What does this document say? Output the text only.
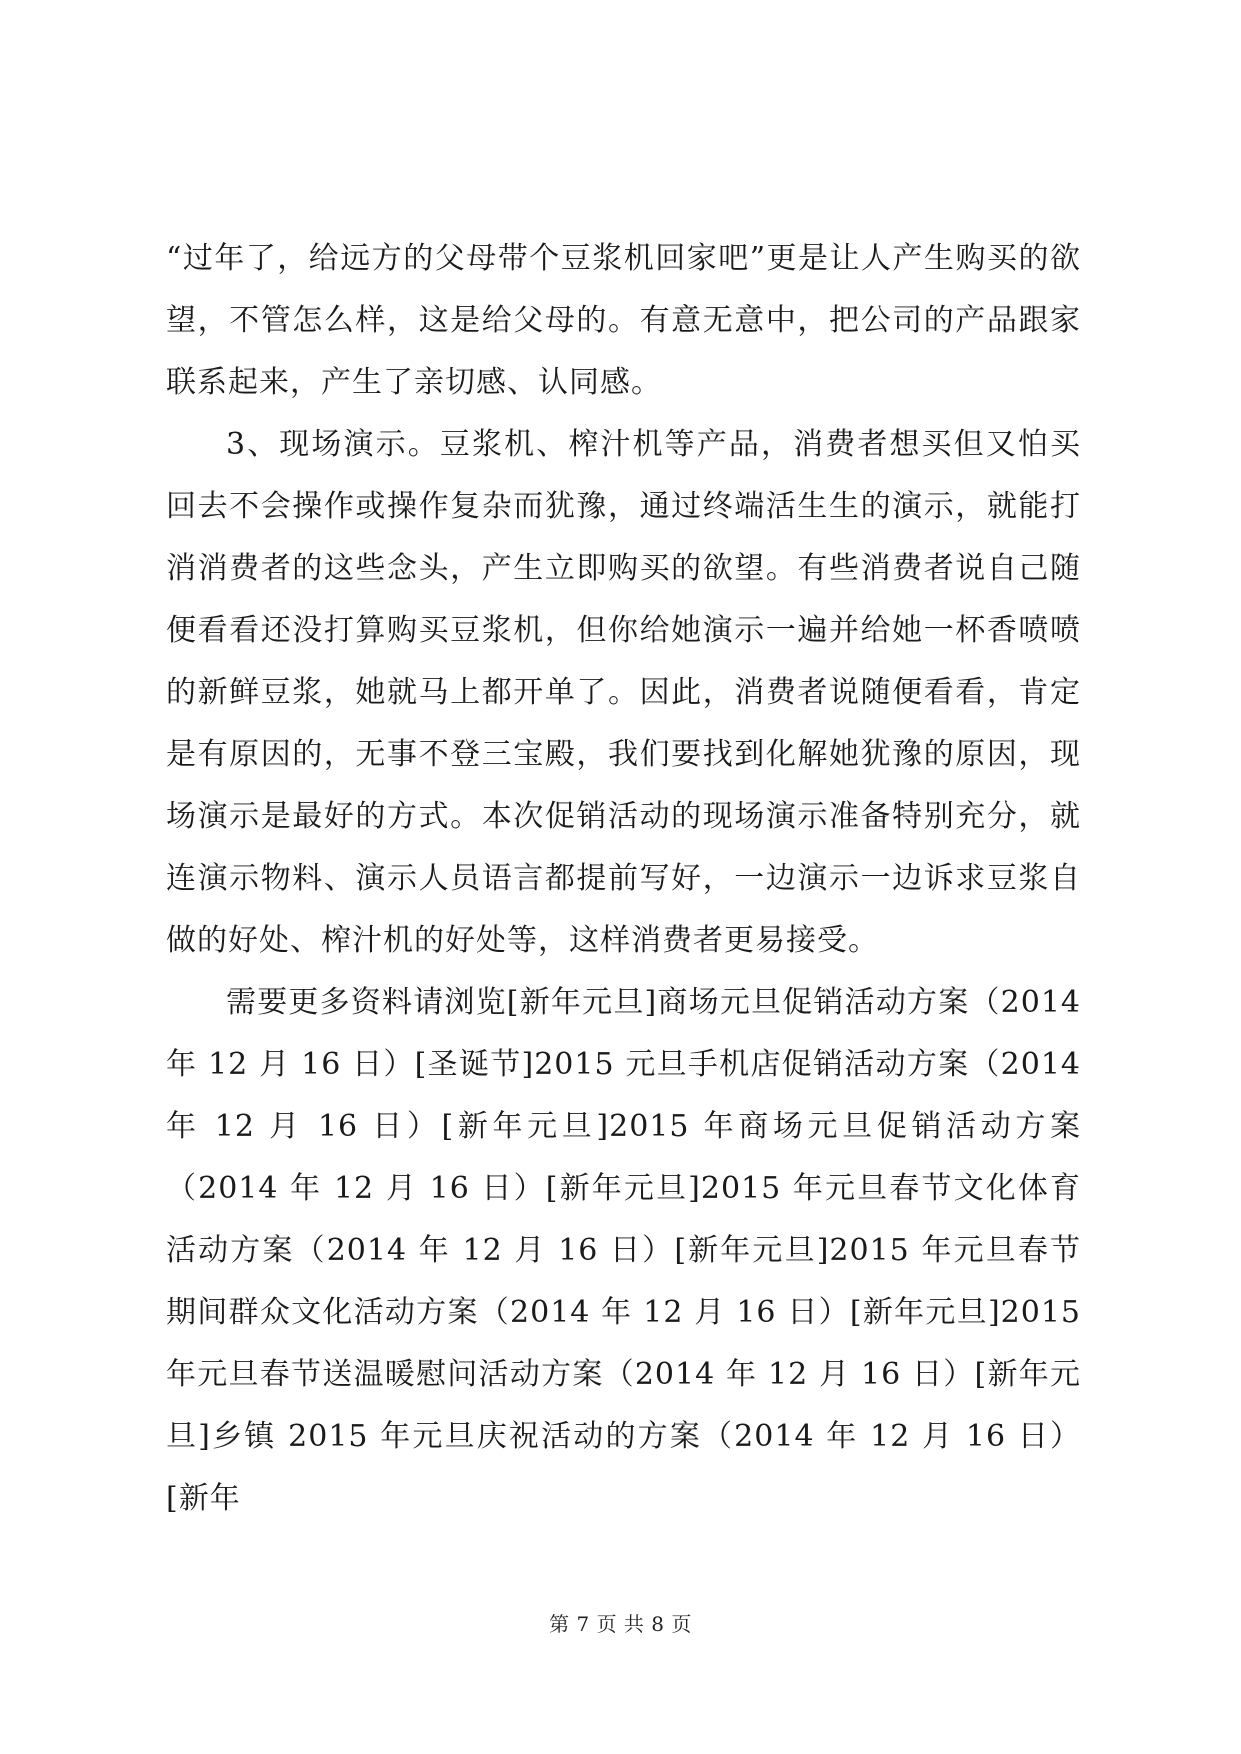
“过年了，给远方的父母带个豆浆机回家吧”更是让人产生购买的欲望，不管怎么样，这是给父母的。有意无意中，把公司的产品跟家联系起来，产生了亲切感、认同感。

3、现场演示。豆浆机、榨汁机等产品，消费者想买但又怕买回去不会操作或操作复杂而犹豫，通过终端活生生的演示，就能打消消费者的这些念头，产生立即购买的欲望。有些消费者说自己随便看看还没打算购买豆浆机，但你给她演示一遍并给她一杯香喷喷的新鲜豆浆，她就马上都开单了。因此，消费者说随便看看，肯定是有原因的，无事不登三宝殿，我们要找到化解她犹豫的原因，现场演示是最好的方式。本次促销活动的现场演示准备特别充分，就连演示物料、演示人员语言都提前写好，一边演示一边诉求豆浆自做的好处、榨汁机的好处等，这样消费者更易接受。

需要更多资料请浏览[新年元旦]商场元旦促销活动方案（2014 年 12 月 16 日）[圣诞节]2015 元旦手机店促销活动方案（2014 年 12 月 16 日）[新年元旦]2015 年商场元旦促销活动方案（2014 年 12 月 16 日）[新年元旦]2015 年元旦春节文化体育活动方案（2014 年 12 月 16 日）[新年元旦]2015 年元旦春节期间群众文化活动方案（2014 年 12 月 16 日）[新年元旦]2015 年元旦春节送温暖慰问活动方案（2014 年 12 月 16 日）[新年元旦]乡镇 2015 年元旦庆祝活动的方案（2014 年 12 月 16 日）[新年

第 7 页 共 8 页
